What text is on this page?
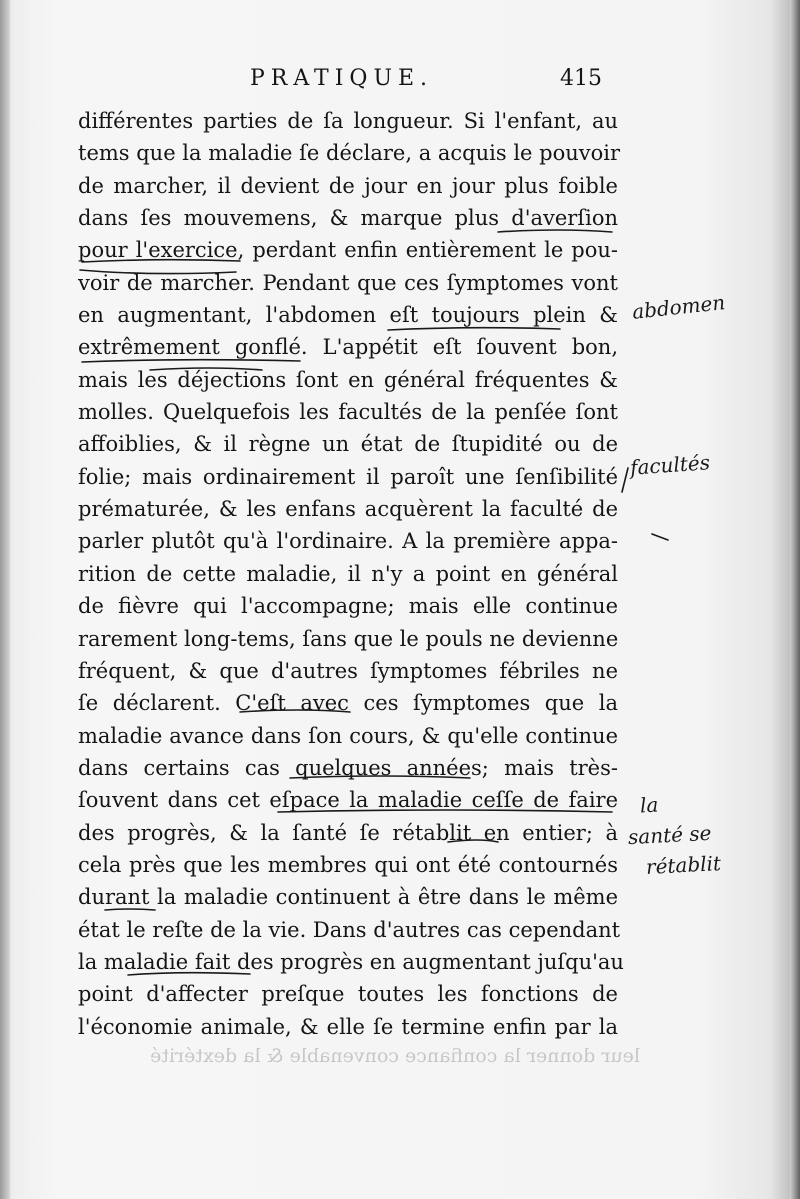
PRATIQUE.	415
leur donner la confiance convenable & la dextérité
différentes parties de ſa longueur. Si l'enfant, au
tems que la maladie ſe déclare, a acquis le pouvoir
de marcher, il devient de jour en jour plus foible
dans ſes mouvemens, & marque plus d'averſion
pour l'exercice, perdant enfin entièrement le pou-
voir de marcher. Pendant que ces ſymptomes vont
en augmentant, l'abdomen eſt toujours plein &
extrêmement gonflé. L'appétit eſt ſouvent bon,
mais les déjections ſont en général fréquentes &
molles. Quelquefois les facultés de la penſée ſont
affoiblies, & il règne un état de ſtupidité ou de
folie; mais ordinairement il paroît une ſenſibilité
prématurée, & les enfans acquèrent la faculté de
parler plutôt qu'à l'ordinaire. A la première appa-
rition de cette maladie, il n'y a point en général
de fièvre qui l'accompagne; mais elle continue
rarement long-tems, ſans que le pouls ne devienne
fréquent, & que d'autres ſymptomes fébriles ne
ſe déclarent. C'eſt avec ces ſymptomes que la
maladie avance dans ſon cours, & qu'elle continue
dans certains cas quelques années; mais très-
ſouvent dans cet eſpace la maladie ceſſe de faire
des progrès, & la ſanté ſe rétablit en entier; à
cela près que les membres qui ont été contournés
durant la maladie continuent à être dans le même
état le reſte de la vie. Dans d'autres cas cependant
la maladie fait des progrès en augmentant juſqu'au
point d'affecter preſque toutes les fonctions de
l'économie animale, & elle ſe termine enfin par la
abdomen
facultés
la
santé se
rétablit
